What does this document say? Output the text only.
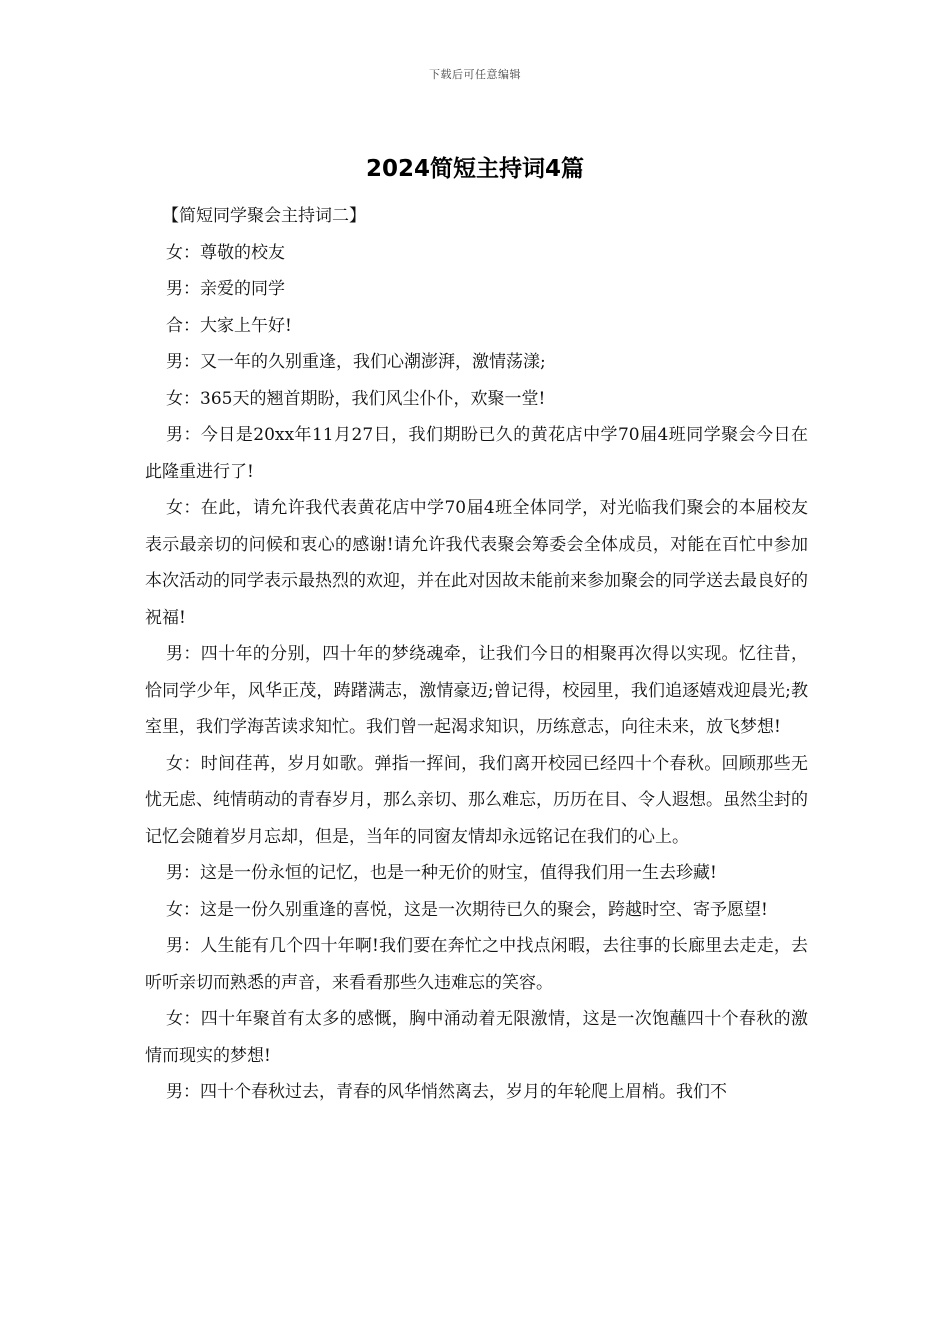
下载后可任意编辑
2024简短主持词4篇

【简短同学聚会主持词二】

女：尊敬的校友

男：亲爱的同学

合：大家上午好!

男：又一年的久别重逢，我们心潮澎湃，激情荡漾;

女：365天的翘首期盼，我们风尘仆仆，欢聚一堂!

男：今日是20xx年11月27日，我们期盼已久的黄花店中学70届4班同学聚会今日在此隆重进行了!

女：在此，请允许我代表黄花店中学70届4班全体同学，对光临我们聚会的本届校友表示最亲切的问候和衷心的感谢!请允许我代表聚会筹委会全体成员，对能在百忙中参加本次活动的同学表示最热烈的欢迎，并在此对因故未能前来参加聚会的同学送去最良好的祝福!

男：四十年的分别，四十年的梦绕魂牵，让我们今日的相聚再次得以实现。忆往昔，恰同学少年，风华正茂，踌躇满志，激情豪迈;曾记得，校园里，我们追逐嬉戏迎晨光;教室里，我们学海苦读求知忙。我们曾一起渴求知识，历练意志，向往未来，放飞梦想!

女：时间荏苒，岁月如歌。弹指一挥间，我们离开校园已经四十个春秋。回顾那些无忧无虑、纯情萌动的青春岁月，那么亲切、那么难忘，历历在目、令人遐想。虽然尘封的记忆会随着岁月忘却，但是，当年的同窗友情却永远铭记在我们的心上。

男：这是一份永恒的记忆，也是一种无价的财宝，值得我们用一生去珍藏!

女：这是一份久别重逢的喜悦，这是一次期待已久的聚会，跨越时空、寄予愿望!

男：人生能有几个四十年啊!我们要在奔忙之中找点闲暇，去往事的长廊里去走走，去听听亲切而熟悉的声音，来看看那些久违难忘的笑容。

女：四十年聚首有太多的感慨，胸中涌动着无限激情，这是一次饱蘸四十个春秋的激情而现实的梦想!

男：四十个春秋过去，青春的风华悄然离去，岁月的年轮爬上眉梢。我们不
